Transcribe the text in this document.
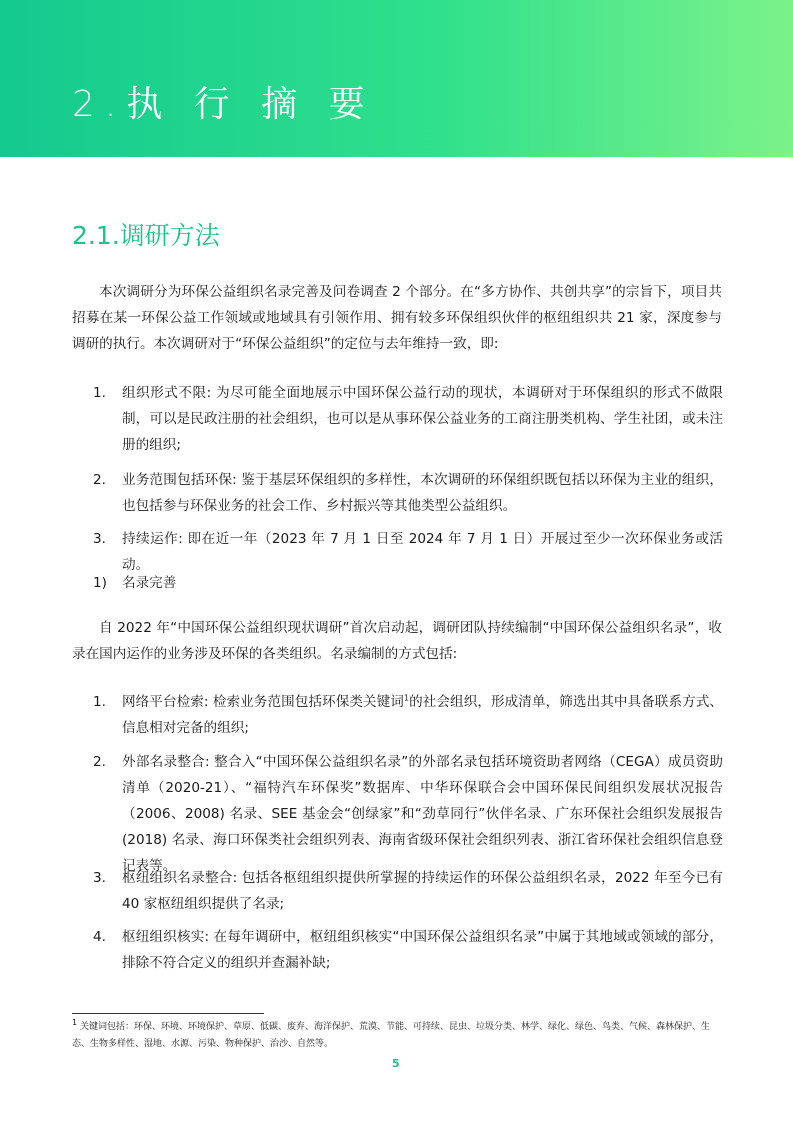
2.执 行 摘 要
2.1.调研方法

本次调研分为环保公益组织名录完善及问卷调查 2 个部分。在“多方协作、共创共享”的宗旨下，项目共招募在某一环保公益工作领域或地域具有引领作用、拥有较多环保组织伙伴的枢纽组织共 21 家，深度参与调研的执行。本次调研对于“环保公益组织”的定位与去年维持一致，即:

1.	组织形式不限: 为尽可能全面地展示中国环保公益行动的现状，本调研对于环保组织的形式不做限制，可以是民政注册的社会组织，也可以是从事环保公益业务的工商注册类机构、学生社团，或未注册的组织;
2.	业务范围包括环保: 鉴于基层环保组织的多样性，本次调研的环保组织既包括以环保为主业的组织，也包括参与环保业务的社会工作、乡村振兴等其他类型公益组织。
3.	持续运作: 即在近一年（2023 年 7 月 1 日至 2024 年 7 月 1 日）开展过至少一次环保业务或活动。
1)	名录完善

自 2022 年“中国环保公益组织现状调研”首次启动起，调研团队持续编制“中国环保公益组织名录”，收录在国内运作的业务涉及环保的各类组织。名录编制的方式包括:

1.	网络平台检索: 检索业务范围包括环保类关键词$^1$的社会组织，形成清单，筛选出其中具备联系方式、信息相对完备的组织;
2.	外部名录整合: 整合入“中国环保公益组织名录”的外部名录包括环境资助者网络（CEGA）成员资助清单（2020-21）、“福特汽车环保奖”数据库、中华环保联合会中国环保民间组织发展状况报告（2006、2008) 名录、SEE 基金会“创绿家”和“劲草同行”伙伴名录、广东环保社会组织发展报告 (2018) 名录、海口环保类社会组织列表、海南省级环保社会组织列表、浙江省环保社会组织信息登记表等。
3.	枢纽组织名录整合: 包括各枢纽组织提供所掌握的持续运作的环保公益组织名录，2022 年至今已有 40 家枢纽组织提供了名录;
4.	枢纽组织核实: 在每年调研中，枢纽组织核实“中国环保公益组织名录”中属于其地域或领域的部分，排除不符合定义的组织并查漏补缺;

$^1$ 关键词包括：环保、环境、环境保护、草原、低碳、废弃、海洋保护、荒漠、节能、可持续、昆虫、垃圾分类、林学、绿化、绿色、鸟类、气候、森林保护、生态、生物多样性、湿地、水源、污染、物种保护、治沙、自然等。

5
